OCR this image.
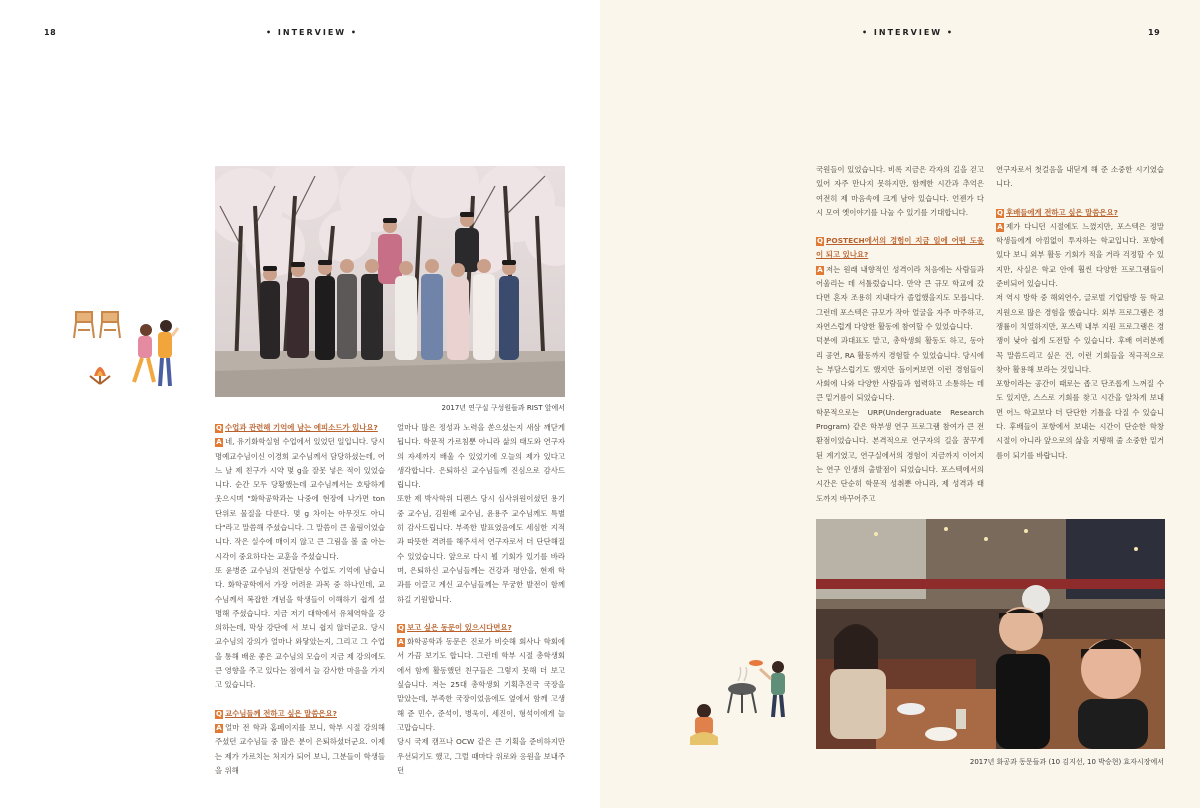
18	• INTERVIEW •
2017년 연구실 구성원들과 RIST 앞에서

Q 수업과 관련해 기억에 남는 에피소드가 있나요?

A 네, 유기화학실험 수업에서 있었던 일입니다. 당시 명예교수님이신 이경희 교수님께서 담당하셨는데, 어느 날 제 친구가 시약 몇 g을 잘못 넣은 적이 있었습니다. 순간 모두 당황했는데 교수님께서는 호탕하게 웃으시며 "화학공학과는 나중에 현장에 나가면 ton 단위로 물질을 다룬다. 몇 g 차이는 아무것도 아니다"라고 말씀해 주셨습니다. 그 말씀이 큰 울림이었습니다. 작은 실수에 매이지 않고 큰 그림을 볼 줄 아는 시각이 중요하다는 교훈을 주셨습니다.

또 윤병준 교수님의 전달현상 수업도 기억에 남습니다. 화학공학에서 가장 어려운 과목 중 하나인데, 교수님께서 복잡한 개념을 학생들이 이해하기 쉽게 설명해 주셨습니다. 지금 저기 대학에서 유체역학을 강의하는데, 막상 강단에 서 보니 쉽지 않더군요. 당시 교수님의 강의가 얼마나 와닿았는지, 그리고 그 수업을 통해 배운 좋은 교수님의 모습이 지금 제 강의에도 큰 영향을 주고 있다는 점에서 늘 감사한 마음을 가지고 있습니다.

Q 교수님들께 전하고 싶은 말씀은요?

A 얼마 전 학과 홈페이지를 보니, 학부 시절 강의해 주셨던 교수님들 중 많은 분이 은퇴하셨더군요. 이제는 제가 가르치는 처지가 되어 보니, 그분들이 학생들을 위해

얼마나 많은 정성과 노력을 쏟으셨는지 새삼 깨닫게 됩니다. 학문적 가르침뿐 아니라 삶의 태도와 연구자의 자세까지 배울 수 있었기에 오늘의 제가 있다고 생각합니다. 은퇴하신 교수님들께 진심으로 감사드립니다.

또한 제 박사학위 디펜스 당시 심사위원이셨던 용기중 교수님, 김원배 교수님, 윤용주 교수님께도 특별히 감사드립니다. 부족한 발표였음에도 세심한 지적과 따뜻한 격려를 해주셔서 연구자로서 더 단단해질 수 있었습니다. 앞으로 다시 뵐 기회가 있기를 바라며, 은퇴하신 교수님들께는 건강과 평안을, 현재 학과를 이끌고 계신 교수님들께는 무궁한 발전이 함께하길 기원합니다.

Q 보고 싶은 동문이 있으시다면요?

A 화학공학과 동문은 진로가 비슷해 회사나 학회에서 가끔 보기도 합니다. 그런데 학부 시절 총학생회에서 함께 활동했던 친구들은 그렇지 못해 더 보고 싶습니다. 저는 25대 총학생회 기획추진국 국장을 맡았는데, 부족한 국장이었음에도 옆에서 함께 고생해 준 민수, 준석이, 병욱이, 세진이, 형석이에게 늘 고맙습니다.

당시 국제 캠프나 OCW 같은 큰 기획을 준비하지만 우선되기도 했고, 그럴 때마다 위로와 응원을 보내주던

• INTERVIEW •	19

국원들이 있었습니다. 비록 지금은 각자의 길을 걷고 있어 자주 만나지 못하지만, 함께한 시간과 추억은 여전히 제 마음속에 크게 남아 있습니다. 언젠가 다시 모여 옛이야기를 나눌 수 있기를 기대합니다.

Q POSTECH에서의 경험이 지금 일에 어떤 도움이 되고 있나요?

A 저는 원래 내향적인 성격이라 처음에는 사람들과 어울리는 데 서툴렀습니다. 만약 큰 규모 학교에 갔다면 혼자 조용히 지내다가 졸업했을지도 모릅니다. 그런데 포스텍은 규모가 작아 얼굴을 자주 마주하고, 자연스럽게 다양한 활동에 참여할 수 있었습니다.

덕분에 과대표도 맡고, 총학생회 활동도 하고, 동아리 공연, RA 활동까지 경험할 수 있었습니다. 당시에는 부담스럽기도 했지만 돌이켜보면 이런 경험들이 사회에 나와 다양한 사람들과 협력하고 소통하는 데 큰 밑거름이 되었습니다.

학문적으로는 URP(Undergraduate Research Program) 같은 학부생 연구 프로그램 참여가 큰 전환점이었습니다. 본격적으로 연구자의 길을 꿈꾸게 된 계기였고, 연구실에서의 경험이 지금까지 이어지는 연구 인생의 출발점이 되었습니다. 포스텍에서의 시간은 단순히 학문적 성취뿐 아니라, 제 성격과 태도까지 바꾸어주고

연구자로서 첫걸음을 내딛게 해 준 소중한 시기였습니다.

Q 후배들에게 전하고 싶은 말씀은요?

A 제가 다니던 시절에도 느꼈지만, 포스텍은 정말 학생들에게 아낌없이 투자하는 학교입니다. 포항에 있다 보니 외부 활동 기회가 적을 거라 걱정할 수 있지만, 사실은 학교 안에 훨씬 다양한 프로그램들이 준비되어 있습니다.

저 역시 방학 중 해외연수, 글로벌 기업탐방 등 학교 지원으로 많은 경험을 했습니다. 외부 프로그램은 경쟁률이 치열하지만, 포스텍 내부 지원 프로그램은 경쟁이 낮아 쉽게 도전할 수 있습니다. 후배 여러분께 꼭 말씀드리고 싶은 건, 이런 기회들을 적극적으로 찾아 활용해 보라는 것입니다.

포항이라는 공간이 때로는 좁고 단조롭게 느껴질 수도 있지만, 스스로 기회를 찾고 시간을 알차게 보내면 어느 학교보다 더 단단한 기틀을 다질 수 있습니다. 후배들이 포항에서 보내는 시간이 단순한 학창 시절이 아니라 앞으로의 삶을 지탱해 줄 소중한 밑거름이 되기를 바랍니다.

2017년 화공과 동문들과 (10 김지선, 10 박승현) 효자시장에서
